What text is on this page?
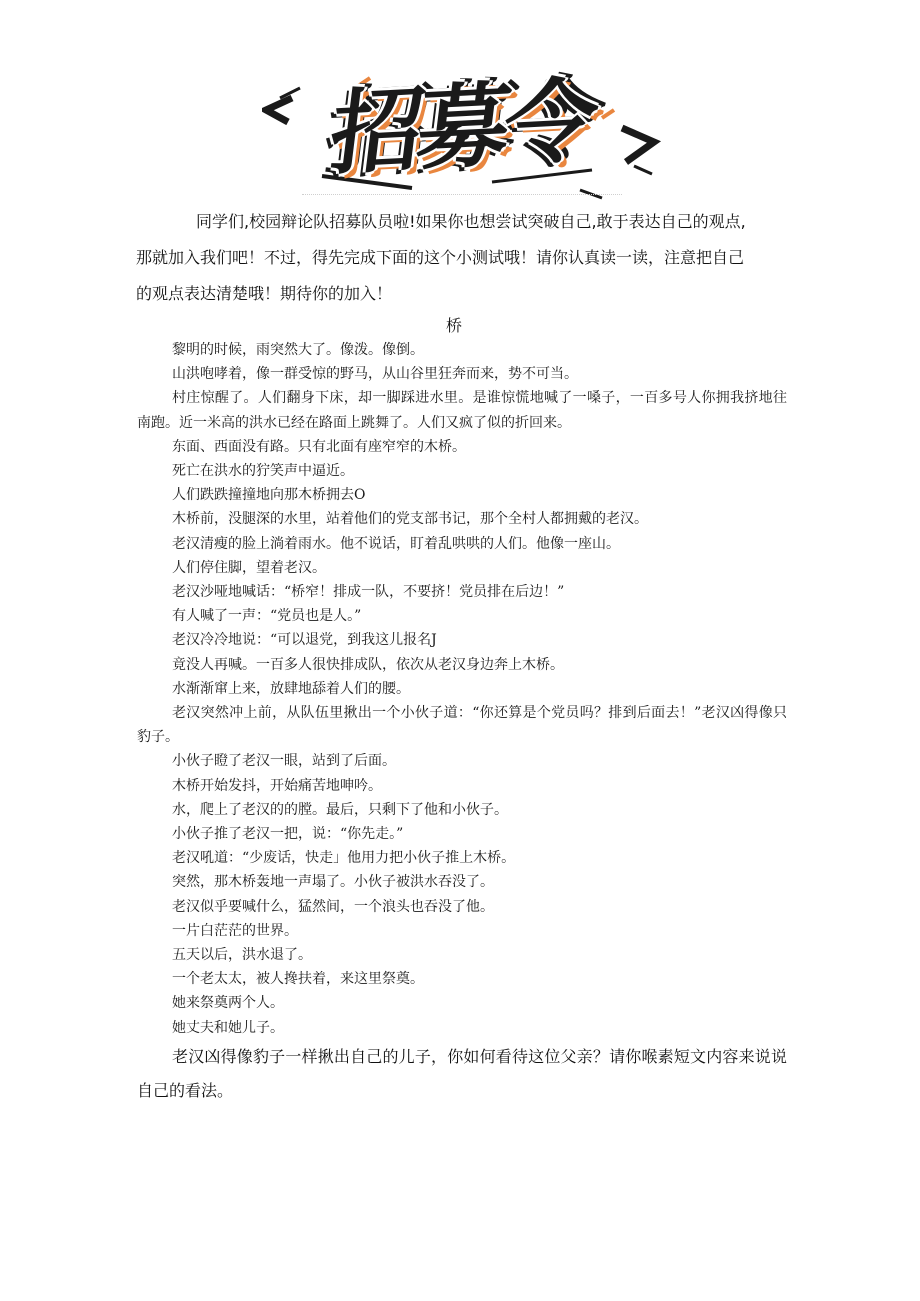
招募令

同学们,校园辩论队招募队员啦!如果你也想尝试突破自己,敢于表达自己的观点,

那就加入我们吧！不过，得先完成下面的这个小测试哦！请你认真读一读，注意把自己

的观点表达清楚哦！期待你的加入！

桥

黎明的时候，雨突然大了。像泼。像倒。

山洪咆哮着，像一群受惊的野马，从山谷里狂奔而来，势不可当。

村庄惊醒了。人们翻身下床，却一脚踩进水里。是谁惊慌地喊了一嗓子，一百多号人你拥我挤地往南跑。近一米高的洪水已经在路面上跳舞了。人们又疯了似的折回来。

东面、西面没有路。只有北面有座窄窄的木桥。

死亡在洪水的狞笑声中逼近。

人们跌跌撞撞地向那木桥拥去O

木桥前，没腿深的水里，站着他们的党支部书记，那个全村人都拥戴的老汉。

老汉清瘦的脸上淌着雨水。他不说话，盯着乱哄哄的人们。他像一座山。

人们停住脚，望着老汉。

老汉沙哑地喊话：“桥窄！排成一队，不要挤！党员排在后边！”

有人喊了一声：“党员也是人。”

老汉冷冷地说：“可以退党，到我这儿报名J

竟没人再喊。一百多人很快排成队，依次从老汉身边奔上木桥。

水渐渐窜上来，放肆地舔着人们的腰。

老汉突然冲上前，从队伍里揪出一个小伙子道：“你还算是个党员吗？排到后面去！”老汉凶得像只豹子。

小伙子瞪了老汉一眼，站到了后面。

木桥开始发抖，开始痛苦地呻吟。

水，爬上了老汉的的膛。最后，只剩下了他和小伙子。

小伙子推了老汉一把，说：“你先走。”

老汉吼道：“少废话，快走」他用力把小伙子推上木桥。

突然，那木桥轰地一声塌了。小伙子被洪水吞没了。

老汉似乎要喊什么，猛然间，一个浪头也吞没了他。

一片白茫茫的世界。

五天以后，洪水退了。

一个老太太，被人搀扶着，来这里祭奠。

她来祭奠两个人。

她丈夫和她儿子。

老汉凶得像豹子一样揪出自己的儿子，你如何看待这位父亲？请你喉素短文内容来说说自己的看法。
